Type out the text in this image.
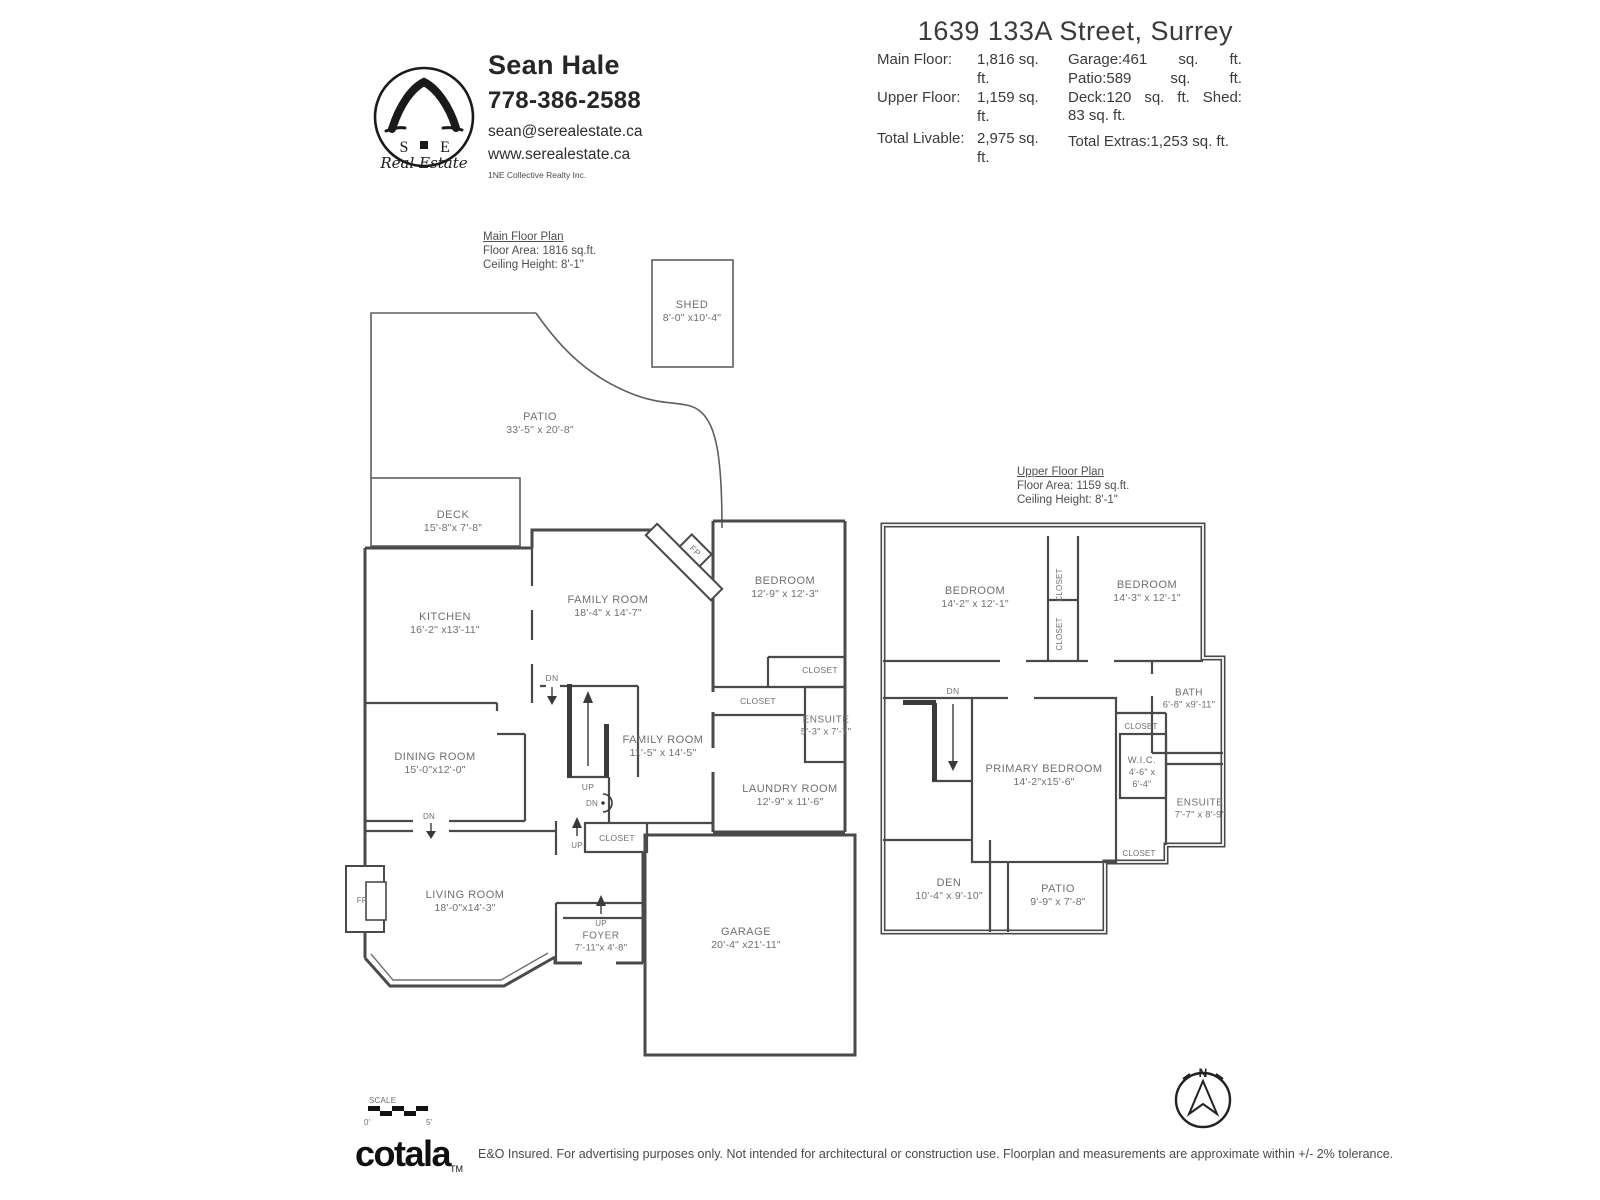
FP
FP
UP
DN
DN
UP
DN
UP
CLOSET
CLOSET
CLOSET
DN
CLOSET
CLOSET
CLOSET
CLOSET
SCALE
0'	5'
N
S E
Real Estate
1639 133A Street, Surrey
Main Floor:	1,816 sq. ft.
Upper Floor:	1,159 sq. ft.
Total Livable: 2,975 sq. ft.
Garage:461 sq. ft.
Patio:589	sq.	ft.
Deck:120 sq. ft. Shed:
83 sq. ft.
Total Extras:1,253 sq. ft.
Sean Hale
778-386-2588
sean@serealestate.ca
www.serealestate.ca
1NE Collective Realty Inc.
Main Floor Plan
Floor Area: 1816 sq.ft.
Ceiling Height: 8'-1"
Upper Floor Plan
Floor Area: 1159 sq.ft.
Ceiling Height: 8'-1"
SHED
8'-0" x10'-4"
PATIO
33'-5" x 20'-8"
DECK
15'-8"x 7'-8"
KITCHEN
16'-2" x13'-11"
FAMILY ROOM
18'-4" x 14'-7"
DINING ROOM
15'-0"x12'-0"
FAMILY ROOM
11'-5" x 14'-5"
BEDROOM
12'-9" x 12'-3"
ENSUITE
5'-3" x 7'-7"
LAUNDRY ROOM
12'-9" x 11'-6"
LIVING ROOM
18'-0"x14'-3"
FOYER
7'-11"x 4'-8"
GARAGE
20'-4" x21'-11"
BEDROOM
14'-2" x 12'-1"
BEDROOM
14'-3" x 12'-1"
BATH
6'-8" x9'-11"
PRIMARY BEDROOM
14'-2"x15'-6"
W.I.C.
4'-6" x
6'-4"
ENSUITE
7'-7" x 8'-9"
DEN
10'-4" x 9'-10"
PATIO
9'-9" x 7'-8"
cotalaTM
E&O Insured. For advertising purposes only. Not intended for architectural or construction use. Floorplan and measurements are approximate within +/- 2% tolerance.
